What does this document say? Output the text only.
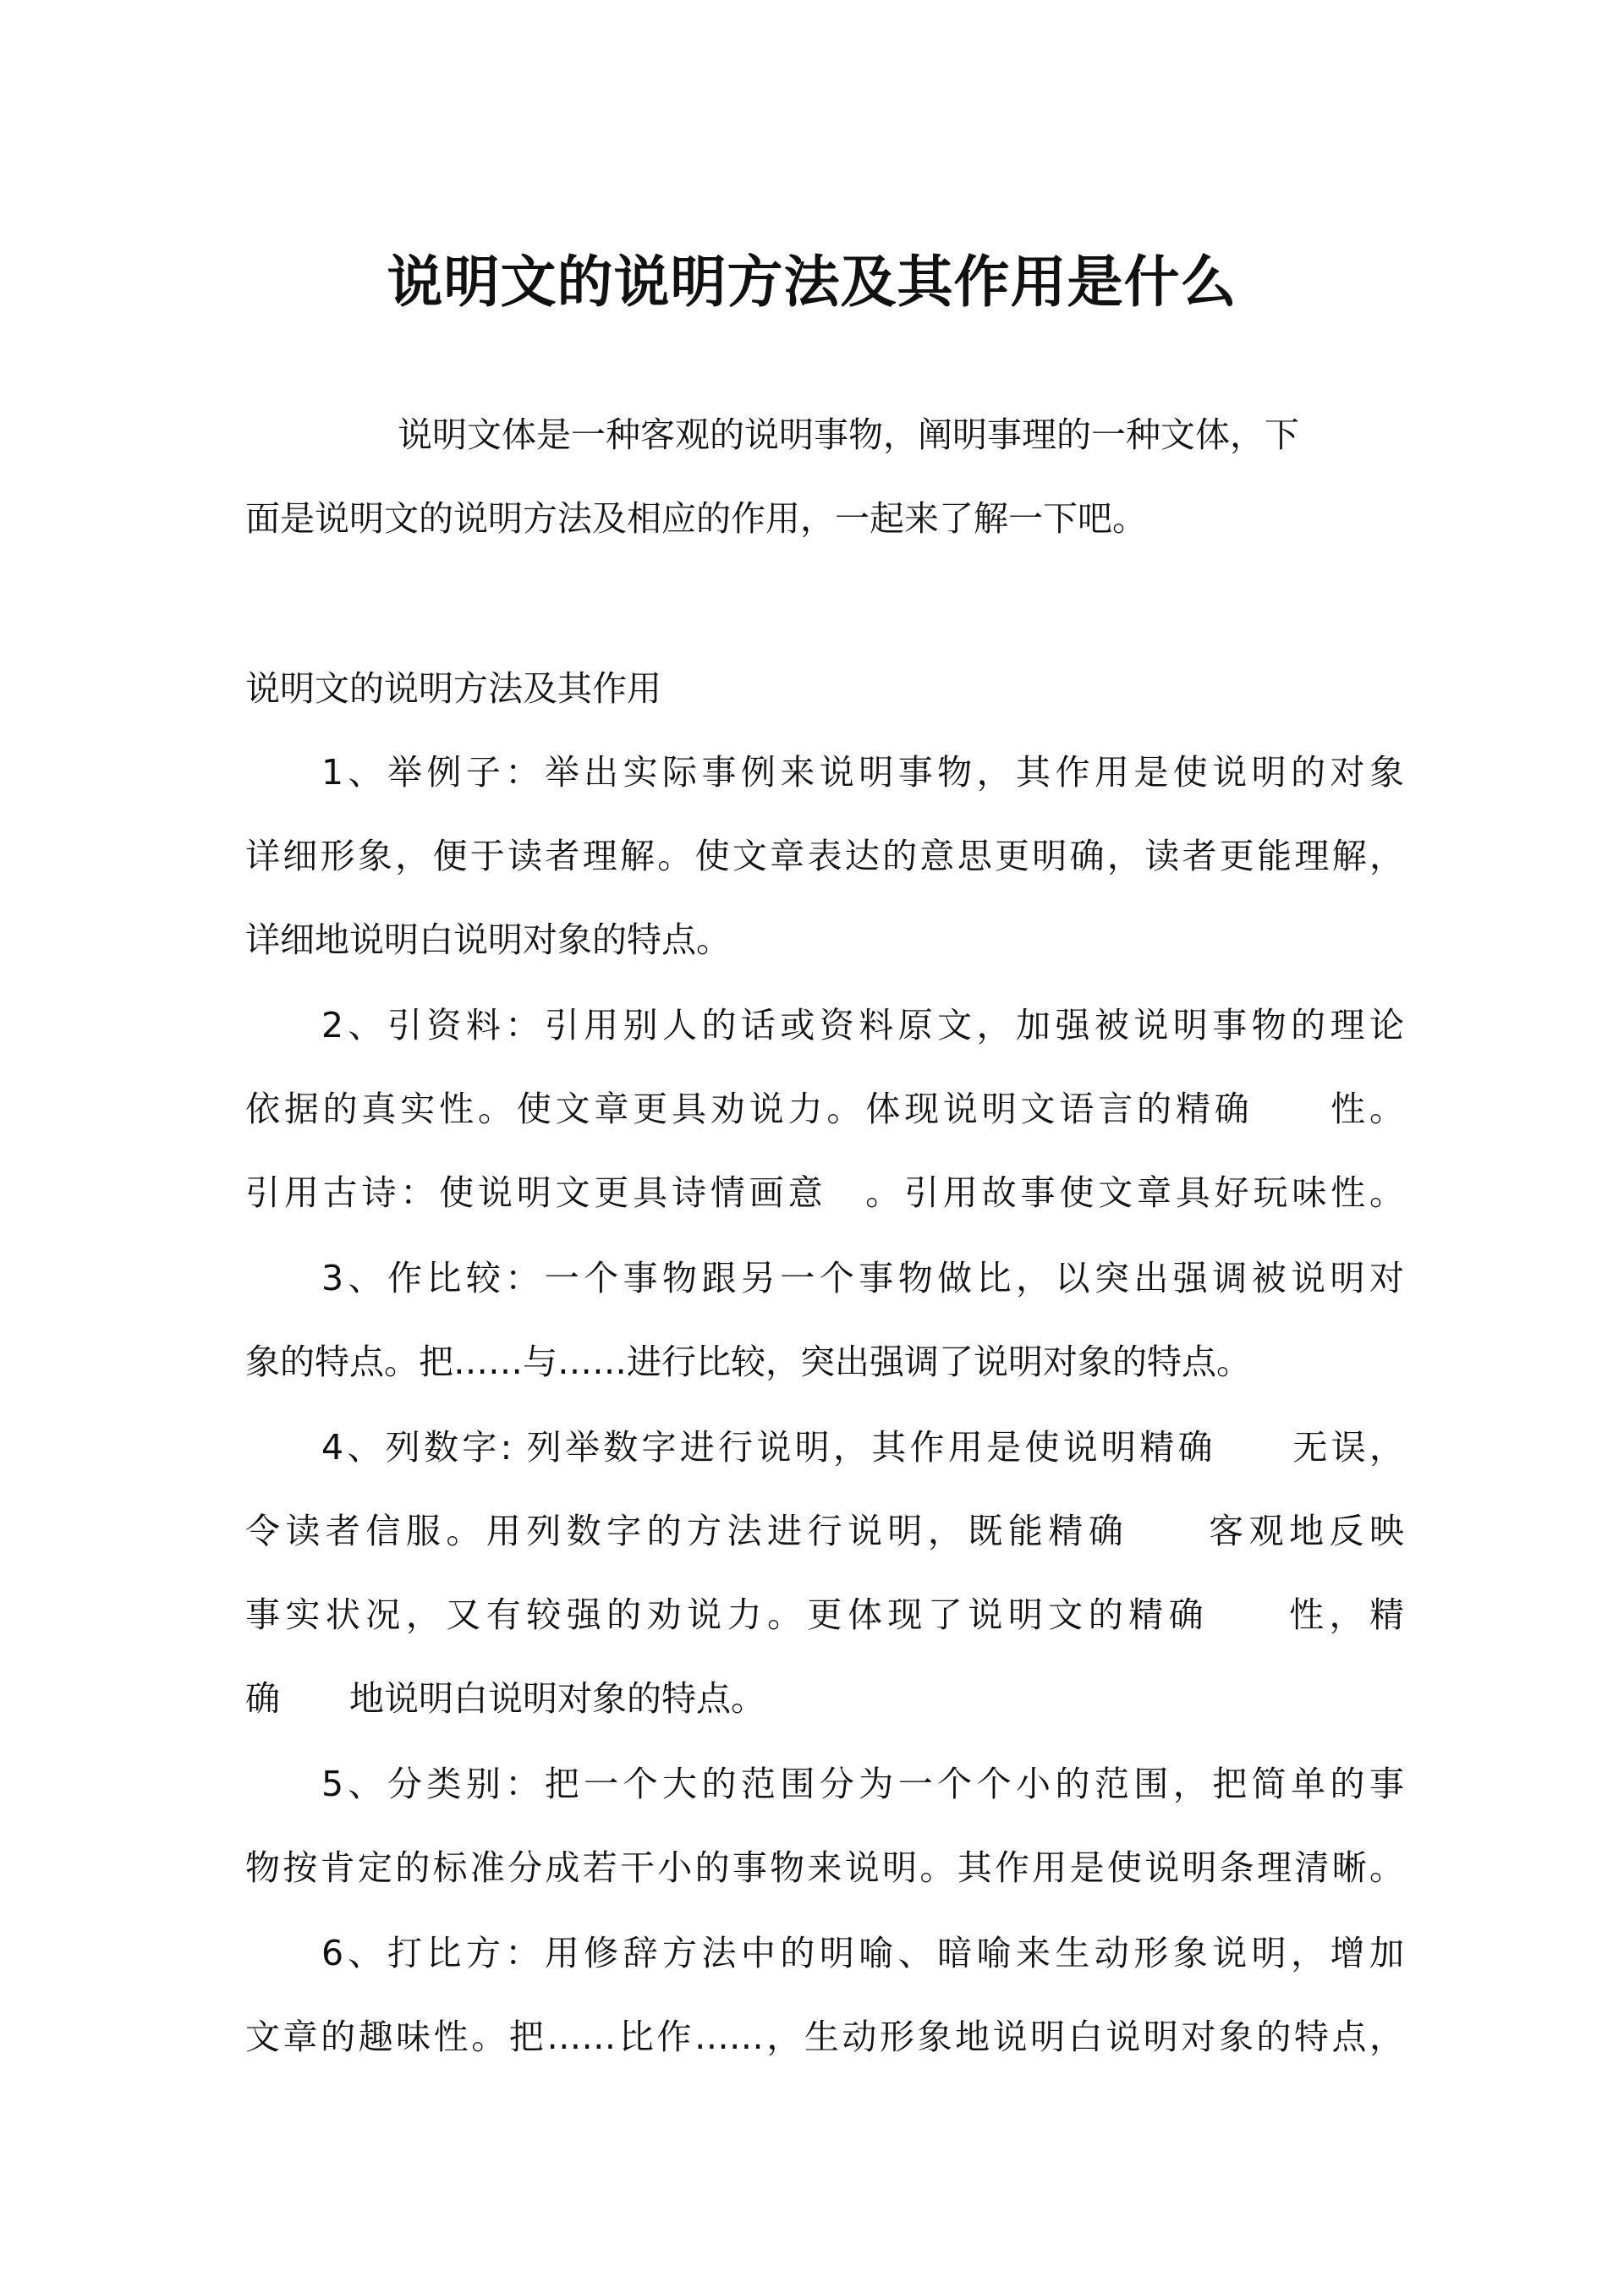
说明文的说明方法及其作用是什么
说明文体是一种客观的说明事物，阐明事理的一种文体，下
面是说明文的说明方法及相应的作用，一起来了解一下吧。
说明文的说明方法及其作用
1、举例子：举出实际事例来说明事物，其作用是使说明的对象
详细形象，便于读者理解。使文章表达的意思更明确，读者更能理解，
详细地说明白说明对象的特点。
2、引资料：引用别人的话或资料原文，加强被说明事物的理论
依据的真实性。使文章更具劝说力。体现说明文语言的精确　　性。
引用古诗：使说明文更具诗情画意　。引用故事使文章具好玩味性。
3、作比较：一个事物跟另一个事物做比，以突出强调被说明对
象的特点。把……与……进行比较，突出强调了说明对象的特点。
4、列数字: 列举数字进行说明，其作用是使说明精确　　无误，
令读者信服。用列数字的方法进行说明，既能精确　　客观地反映
事实状况，又有较强的劝说力。更体现了说明文的精确　　性，精
确　　地说明白说明对象的特点。
5、分类别：把一个大的范围分为一个个小的范围，把简单的事
物按肯定的标准分成若干小的事物来说明。其作用是使说明条理清晰。
6、打比方：用修辞方法中的明喻、暗喻来生动形象说明，增加
文章的趣味性。把……比作……，生动形象地说明白说明对象的特点，
